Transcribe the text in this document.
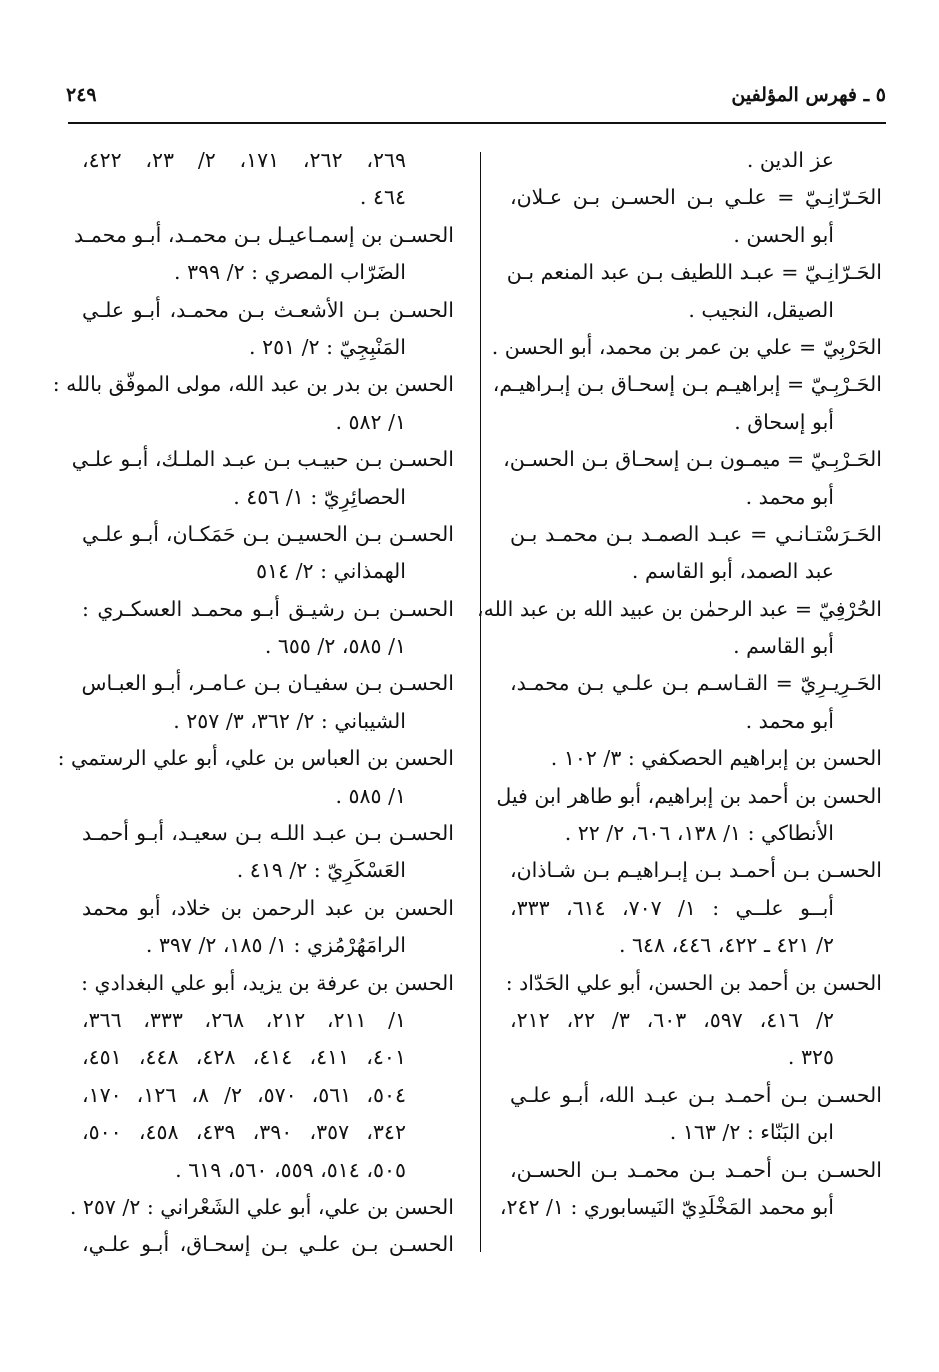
٢٤٩	٥ ـ فهرس المؤلفين
عز الدين .
الحَـرّانِـيّ = علـي بـن الحسـن بـن عـلان،
أبو الحسن .
الحَـرّانِـيّ = عبـد اللطيف بـن عبد المنعم بـن
الصيقل، النجيب .
الحَرْبِيّ = علي بن عمر بن محمد، أبو الحسن .
الحَـرْبِـيّ = إبراهيـم بـن إسحـاق بـن إبـراهيـم،
أبو إسحاق .
الحَـرْبِـيّ = ميمـون بـن إسحـاق بـن الحسـن،
أبو محمد .
الحَـرَسْتـانـي = عبـد الصمـد بـن محمـد بـن
عبد الصمد، أبو القاسم .
الحُرْفِيّ = عبد الرحمٰن بن عبيد الله بن عبد الله،
أبو القاسم .
الحَـرِيـرِيّ = القـاسـم بـن علـي بـن محمـد،
أبو محمد .
الحسن بن إبراهيم الحصكفي : ٣/ ١٠٢ .
الحسن بن أحمد بن إبراهيم، أبو طاهر ابن فيل
الأنطاكي : ١/ ١٣٨، ٦٠٦، ٢/ ٢٢ .
الحسـن بـن أحمـد بـن إبـراهيـم بـن شـاذان،
أبــو علــي : ١/ ٧٠٧، ٦١٤، ٣٣٣،
٢/ ٤٢١ ـ ٤٢٢، ٤٤٦، ٦٤٨ .
الحسن بن أحمد بن الحسن، أبو علي الحَدّاد :
٢/ ٤١٦، ٥٩٧، ٦٠٣، ٣/ ٢٢، ٢١٢،
٣٢٥ .
الحسـن بـن أحمـد بـن عبـد الله، أبـو علـي
ابن البَنّاء : ٢/ ١٦٣ .
الحسـن بـن أحمـد بـن محمـد بـن الحسـن،
أبو محمد المَخْلَدِيّ النَيسابوري : ١/ ٢٤٢،
٢٦٩، ٢٦٢، ١٧١، ٢/ ٢٣، ٤٢٢،
٤٦٤ .
الحسـن بن إسمـاعيـل بـن محمـد، أبـو محمـد
الضَرّاب المصري : ٢/ ٣٩٩ .
الحسـن بـن الأشعـث بـن محمـد، أبـو علـي
المَنْبِجِيّ : ٢/ ٢٥١ .
الحسن بن بدر بن عبد الله، مولى الموفّق بالله :
١/ ٥٨٢ .
الحسـن بـن حبيـب بـن عبـد الملـك، أبـو علـي
الحصائِرِيّ : ١/ ٤٥٦ .
الحسـن بـن الحسيـن بـن حَمَكـان، أبـو علـي
الهمذاني : ٢/ ٥١٤
الحسـن بـن رشيـق أبـو محمـد العسكـري :
١/ ٥٨٥، ٢/ ٦٥٥ .
الحسـن بـن سفيـان بـن عـامـر، أبـو العبـاس
الشيباني : ٢/ ٣٦٢، ٣/ ٢٥٧ .
الحسن بن العباس بن علي، أبو علي الرستمي :
١/ ٥٨٥ .
الحسـن بـن عبـد اللـه بـن سعيـد، أبـو أحمـد
العَسْكَرِيّ : ٢/ ٤١٩ .
الحسن بن عبد الرحمن بن خلاد، أبو محمد
الرامَهُرْمُزي : ١/ ١٨٥، ٢/ ٣٩٧ .
الحسن بن عرفة بن يزيد، أبو علي البغدادي :
١/ ٢١١، ٢١٢، ٢٦٨، ٣٣٣، ٣٦٦،
٤٠١، ٤١١، ٤١٤، ٤٢٨، ٤٤٨، ٤٥١،
٥٠٤، ٥٦١، ٥٧٠، ٢/ ٨، ١٢٦، ١٧٠،
٣٤٢، ٣٥٧، ٣٩٠، ٤٣٩، ٤٥٨، ٥٠٠،
٥٠٥، ٥١٤، ٥٥٩، ٥٦٠، ٦١٩ .
الحسن بن علي، أبو علي الشَعْراني : ٢/ ٢٥٧ .
الحسـن بـن علـي بـن إسحـاق، أبـو علـي،
